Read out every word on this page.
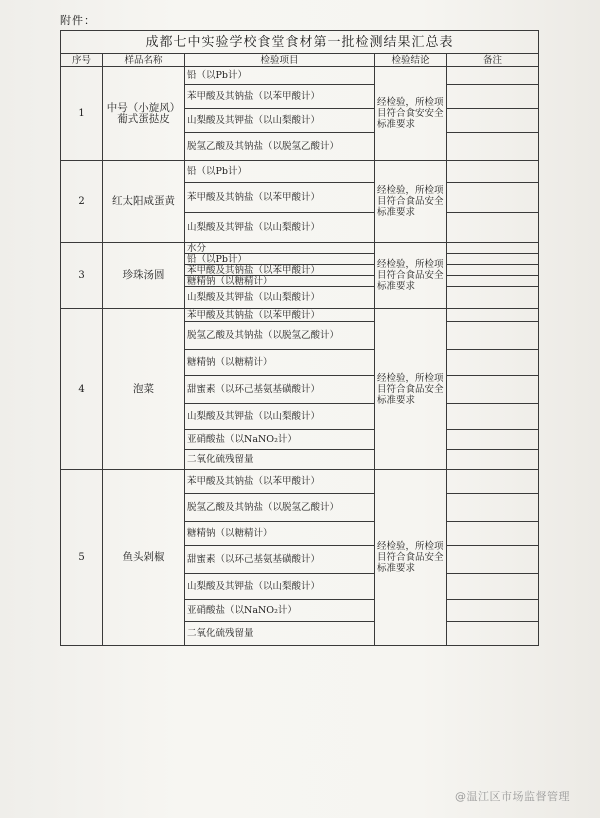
附件：
成都七中实验学校食堂食材第一批检测结果汇总表				
序号	样品名称	检验项目	检验结论	备注
1	中号（小旋风）葡式蛋挞皮	铅（以Pb计）	经检验，所检项目符合食安安全标准要求	
		苯甲酸及其钠盐（以苯甲酸计）		
		山梨酸及其钾盐（以山梨酸计）		
		脱氢乙酸及其钠盐（以脱氢乙酸计）		
2	红太阳咸蛋黄	铅（以Pb计）	经检验，所检项目符合食品安全标准要求	
		苯甲酸及其钠盐（以苯甲酸计）		
		山梨酸及其钾盐（以山梨酸计）		
3	珍珠汤圆	水分	经检验，所检项目符合食品安全标准要求	
		铅（以Pb计）		
		苯甲酸及其钠盐（以苯甲酸计）		
		糖精钠（以糖精计）		
		山梨酸及其钾盐（以山梨酸计）		
4	泡菜	苯甲酸及其钠盐（以苯甲酸计）	经检验，所检项目符合食品安全标准要求	
		脱氢乙酸及其钠盐（以脱氢乙酸计）		
		糖精钠（以糖精计）		
		甜蜜素（以环己基氨基磺酸计）		
		山梨酸及其钾盐（以山梨酸计）		
		亚硝酸盐（以NaNO₂计）		
		二氧化硫残留量		
5	鱼头剁椒	苯甲酸及其钠盐（以苯甲酸计）	经检验，所检项目符合食品安全标准要求	
		脱氢乙酸及其钠盐（以脱氢乙酸计）		
		糖精钠（以糖精计）		
		甜蜜素（以环己基氨基磺酸计）		
		山梨酸及其钾盐（以山梨酸计）		
		亚硝酸盐（以NaNO₂计）		
		二氧化硫残留量		
@温江区市场监督管理
